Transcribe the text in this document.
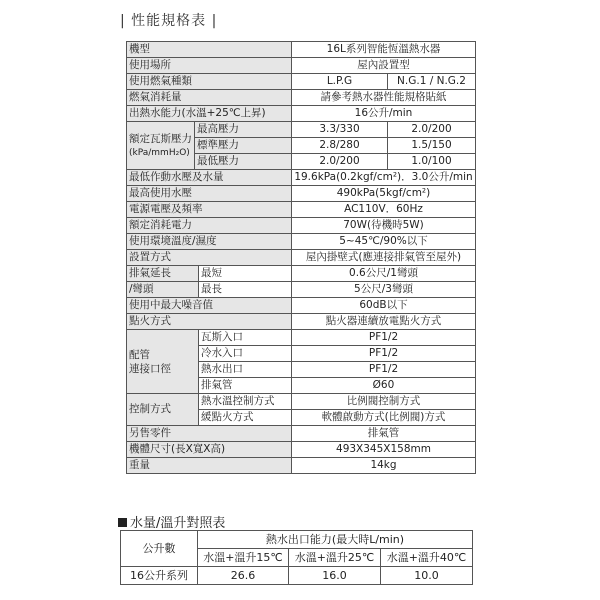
| 性能規格表 |
機型			16L系列智能恆溫熱水器	
使用場所			屋內設置型	
使用燃氣種類			L.P.G	N.G.1 / N.G.2
燃氣消耗量			請參考熱水器性能規格貼紙	
出熱水能力(水溫+25℃上昇)			16公升/min	

額定瓦斯壓力
(kPa/mmH₂O)	最高壓力		3.3/330	2.0/200
	標準壓力		2.8/280	1.5/150
	最低壓力		2.0/200	1.0/100
最低作動水壓及水量			19.6kPa(0.2kgf/cm²)．3.0公升/min	
最高使用水壓			490kPa(5kgf/cm²)	
電源電壓及頻率			AC110V．60Hz	
額定消耗電力			70W(待機時5W)	
使用環境溫度/濕度			5~45℃/90%以下	
設置方式			屋內掛壁式(應連接排氣管至屋外)	
排氣延長		最短	0.6公尺/1彎頭	
/彎頭		最長	5公尺/3彎頭	
使用中最大噪音值			60dB以下	
點火方式			點火器連續放電點火方式	

配管
連接口徑		瓦斯入口	PF1/2	
		冷水入口	PF1/2	
		熱水出口	PF1/2	
		排氣管	Ø60	
控制方式		熱水溫控制方式	比例閥控制方式	
		緩點火方式	軟體啟動方式(比例閥)方式	
另售零件			排氣管	
機體尺寸(長X寬X高)			493X345X158mm	
重量			14kg	
水量/溫升對照表
公升數	熱水出口能力(最大時L/min)		
	水溫+溫升15℃	水溫+溫升25℃	水溫+溫升40℃
16公升系列	26.6	16.0	10.0
